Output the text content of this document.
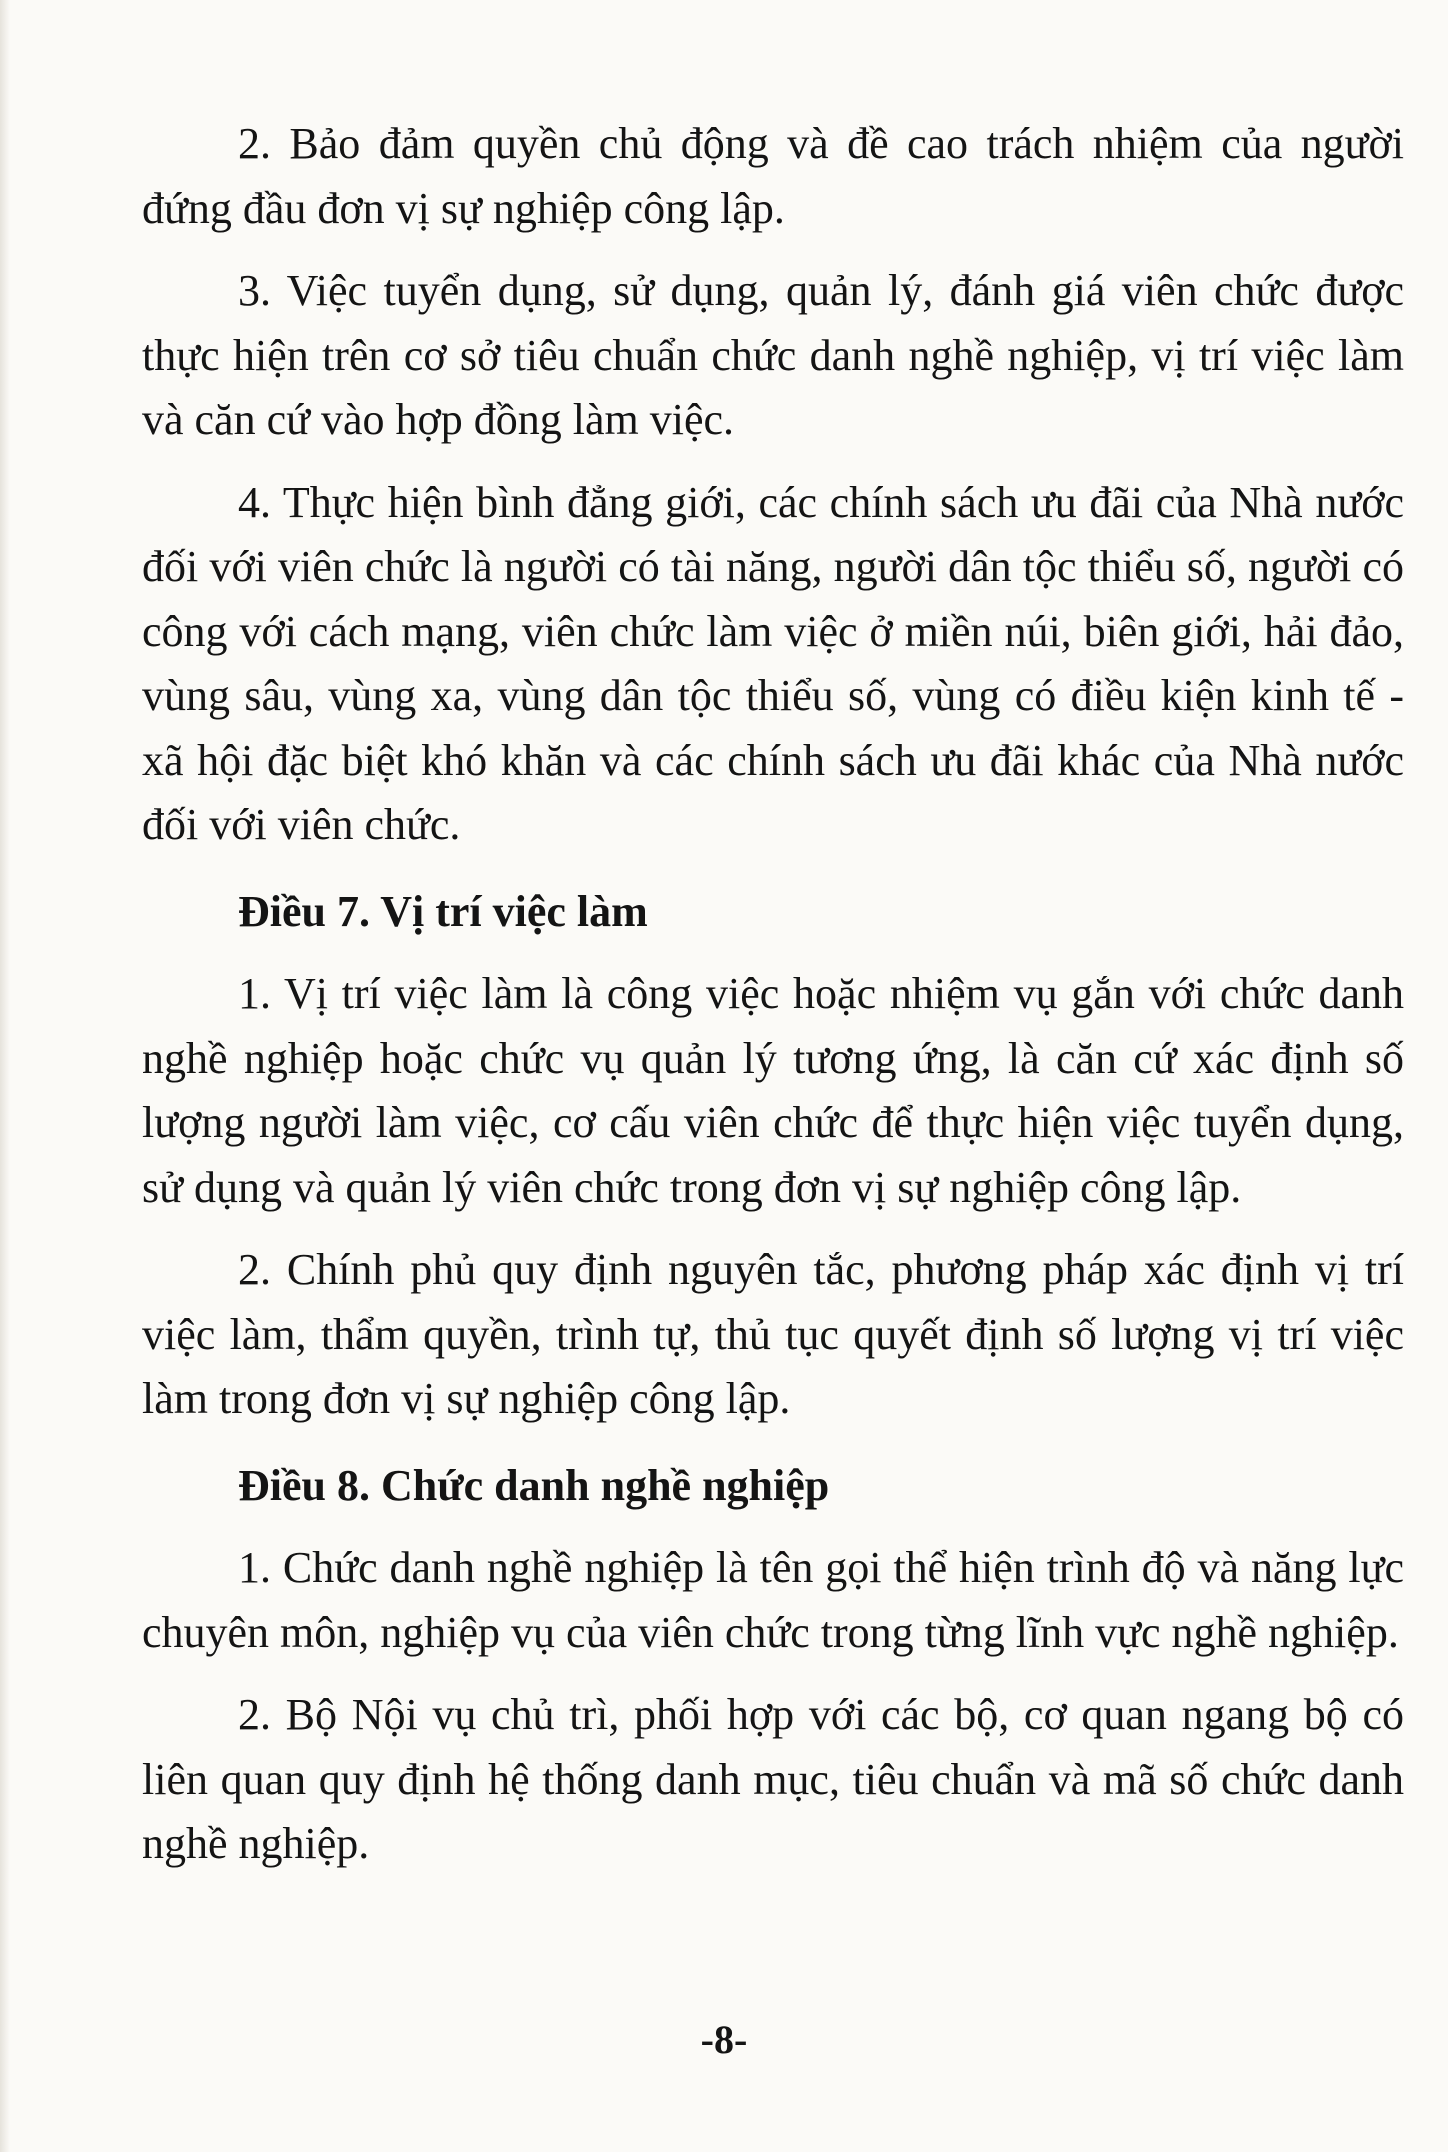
2. Bảo đảm quyền chủ động và đề cao trách nhiệm của người đứng đầu đơn vị sự nghiệp công lập.

3. Việc tuyển dụng, sử dụng, quản lý, đánh giá viên chức được thực hiện trên cơ sở tiêu chuẩn chức danh nghề nghiệp, vị trí việc làm và căn cứ vào hợp đồng làm việc.

4. Thực hiện bình đẳng giới, các chính sách ưu đãi của Nhà nước đối với viên chức là người có tài năng, người dân tộc thiểu số, người có công với cách mạng, viên chức làm việc ở miền núi, biên giới, hải đảo, vùng sâu, vùng xa, vùng dân tộc thiểu số, vùng có điều kiện kinh tế - xã hội đặc biệt khó khăn và các chính sách ưu đãi khác của Nhà nước đối với viên chức.

Điều 7. Vị trí việc làm

1. Vị trí việc làm là công việc hoặc nhiệm vụ gắn với chức danh nghề nghiệp hoặc chức vụ quản lý tương ứng, là căn cứ xác định số lượng người làm việc, cơ cấu viên chức để thực hiện việc tuyển dụng, sử dụng và quản lý viên chức trong đơn vị sự nghiệp công lập.

2. Chính phủ quy định nguyên tắc, phương pháp xác định vị trí việc làm, thẩm quyền, trình tự, thủ tục quyết định số lượng vị trí việc làm trong đơn vị sự nghiệp công lập.

Điều 8. Chức danh nghề nghiệp

1. Chức danh nghề nghiệp là tên gọi thể hiện trình độ và năng lực chuyên môn, nghiệp vụ của viên chức trong từng lĩnh vực nghề nghiệp.

2. Bộ Nội vụ chủ trì, phối hợp với các bộ, cơ quan ngang bộ có liên quan quy định hệ thống danh mục, tiêu chuẩn và mã số chức danh nghề nghiệp.

-8-
